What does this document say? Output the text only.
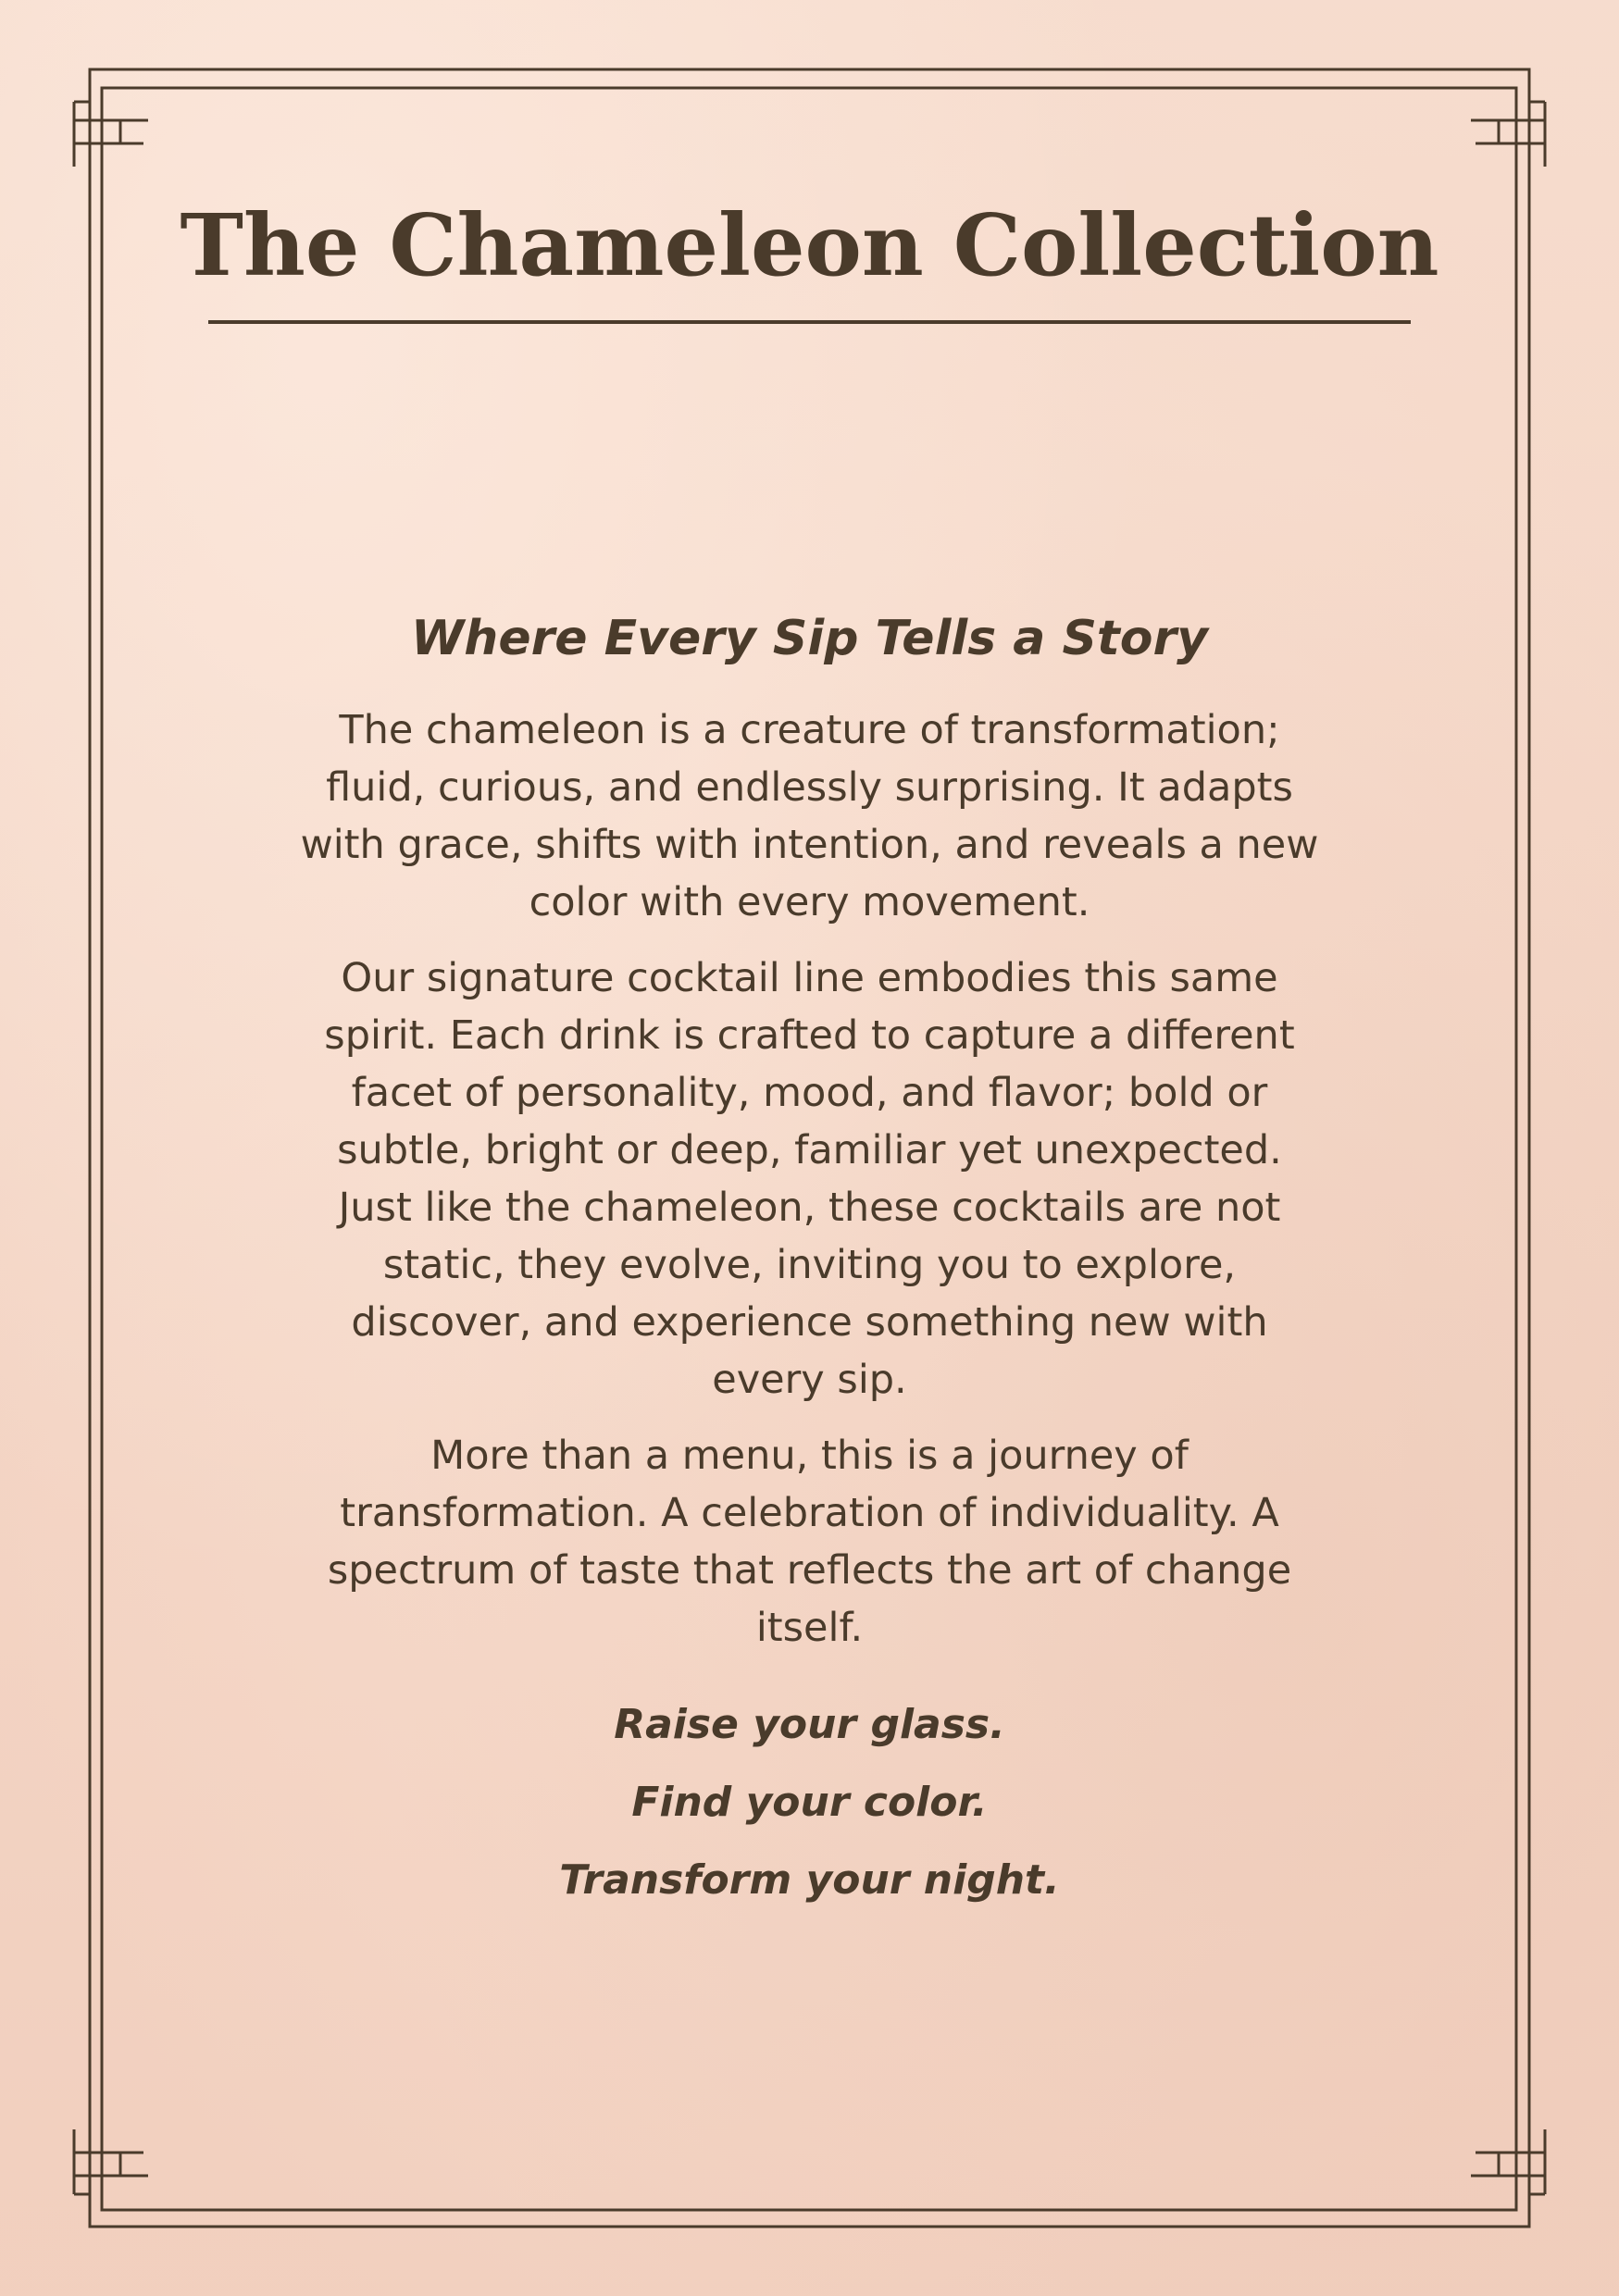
The Chameleon Collection
Where Every Sip Tells a Story

The chameleon is a creature of transformation; fluid, curious, and endlessly surprising. It adapts with grace, shifts with intention, and reveals a new color with every movement.

Our signature cocktail line embodies this same spirit. Each drink is crafted to capture a different facet of personality, mood, and flavor; bold or subtle, bright or deep, familiar yet unexpected. Just like the chameleon, these cocktails are not static, they evolve, inviting you to explore, discover, and experience something new with every sip.

More than a menu, this is a journey of transformation. A celebration of individuality. A spectrum of taste that reflects the art of change itself.

Raise your glass.
Find your color.
Transform your night.
